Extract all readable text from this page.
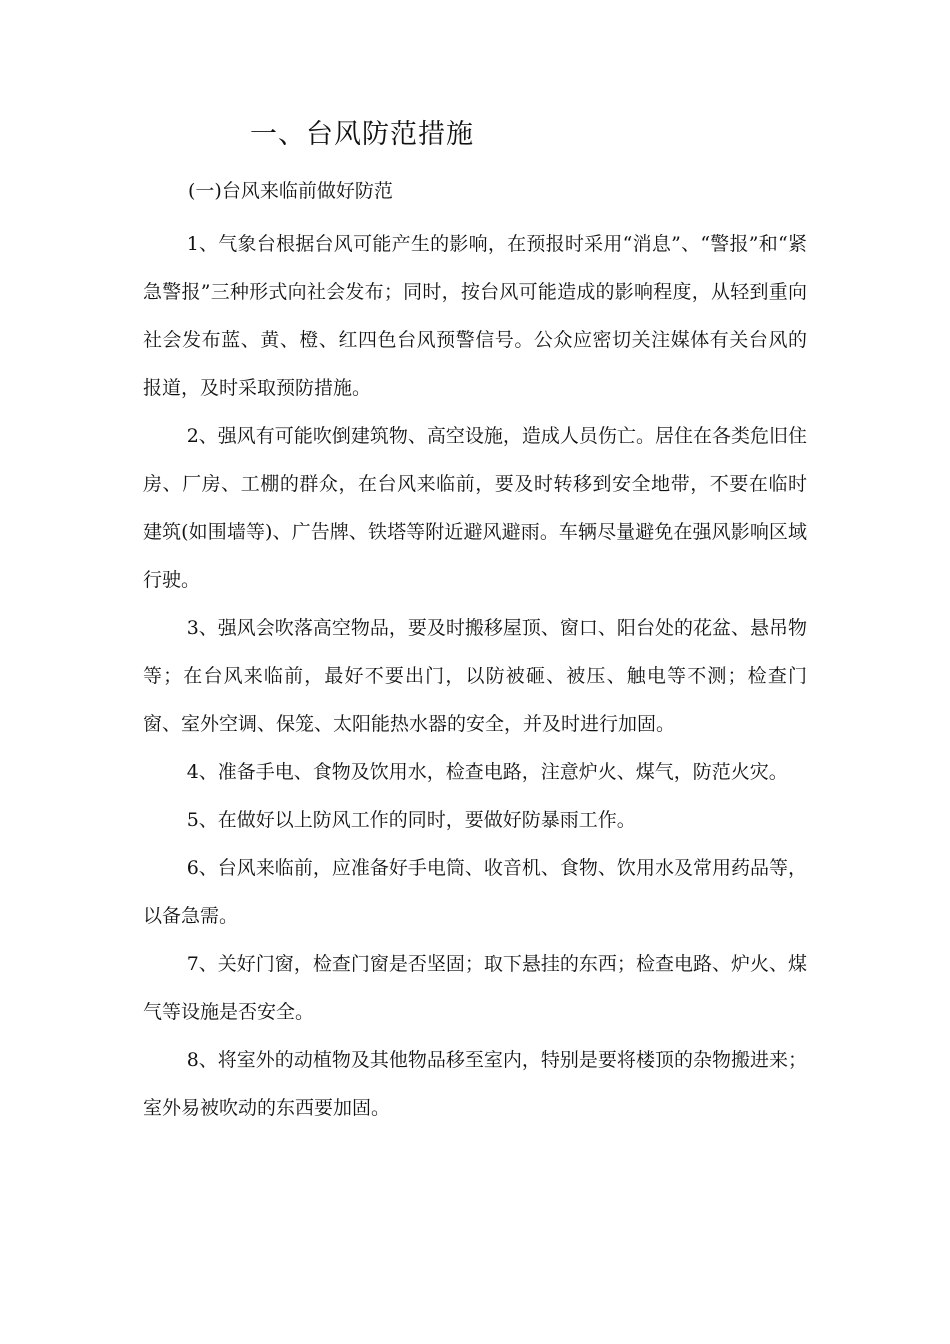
一、台风防范措施

(一)台风来临前做好防范

1、气象台根据台风可能产生的影响，在预报时采用“消息”、“警报”和“紧急警报”三种形式向社会发布；同时，按台风可能造成的影响程度，从轻到重向社会发布蓝、黄、橙、红四色台风预警信号。公众应密切关注媒体有关台风的报道，及时采取预防措施。

2、强风有可能吹倒建筑物、高空设施，造成人员伤亡。居住在各类危旧住房、厂房、工棚的群众，在台风来临前，要及时转移到安全地带，不要在临时建筑(如围墙等)、广告牌、铁塔等附近避风避雨。车辆尽量避免在强风影响区域行驶。

3、强风会吹落高空物品，要及时搬移屋顶、窗口、阳台处的花盆、悬吊物等；在台风来临前，最好不要出门，以防被砸、被压、触电等不测；检查门窗、室外空调、保笼、太阳能热水器的安全，并及时进行加固。

4、准备手电、食物及饮用水，检查电路，注意炉火、煤气，防范火灾。

5、在做好以上防风工作的同时，要做好防暴雨工作。

6、台风来临前，应准备好手电筒、收音机、食物、饮用水及常用药品等，以备急需。

7、关好门窗，检查门窗是否坚固；取下悬挂的东西；检查电路、炉火、煤气等设施是否安全。

8、将室外的动植物及其他物品移至室内，特别是要将楼顶的杂物搬进来；室外易被吹动的东西要加固。
